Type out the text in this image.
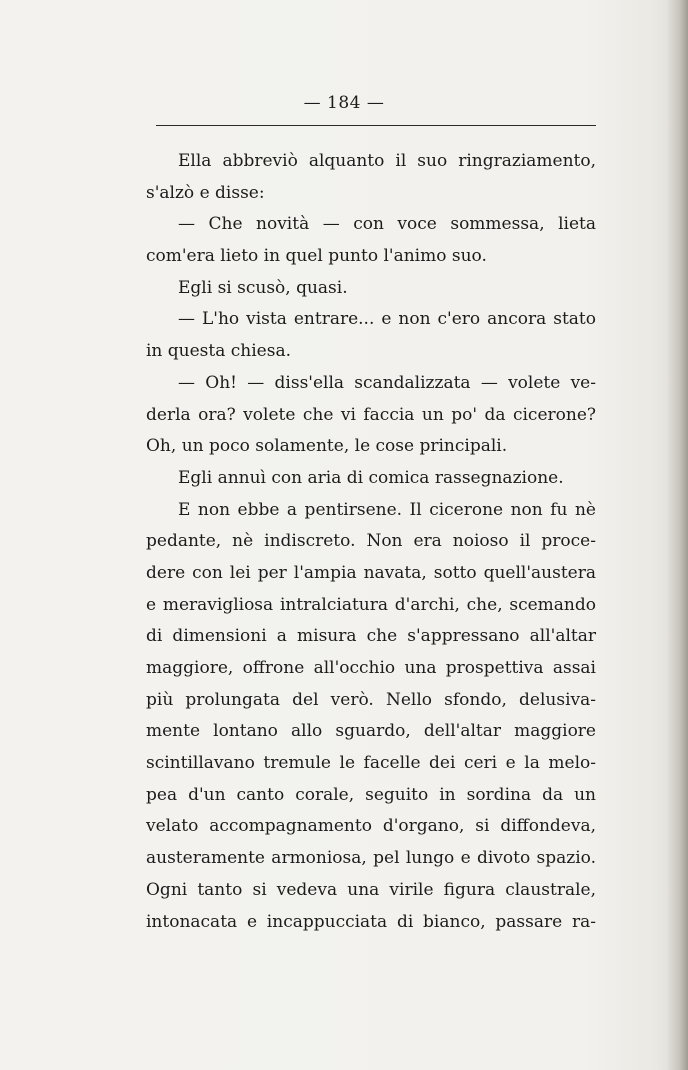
— 184 —
Ella abbreviò alquanto il suo ringraziamento,
s'alzò e disse:
— Che novità — con voce sommessa, lieta
com'era lieto in quel punto l'animo suo.
Egli si scusò, quasi.
— L'ho vista entrare... e non c'ero ancora stato
in questa chiesa.
— Oh! — diss'ella scandalizzata — volete ve-
derla ora? volete che vi faccia un po' da cicerone?
Oh, un poco solamente, le cose principali.
Egli annuì con aria di comica rassegnazione.
E non ebbe a pentirsene. Il cicerone non fu nè
pedante, nè indiscreto. Non era noioso il proce-
dere con lei per l'ampia navata, sotto quell'austera
e meravigliosa intralciatura d'archi, che, scemando
di dimensioni a misura che s'appressano all'altar
maggiore, offrone all'occhio una prospettiva assai
più prolungata del verò. Nello sfondo, delusiva-
mente lontano allo sguardo, dell'altar maggiore
scintillavano tremule le facelle dei ceri e la melo-
pea d'un canto corale, seguito in sordina da un
velato accompagnamento d'organo, si diffondeva,
austeramente armoniosa, pel lungo e divoto spazio.
Ogni tanto si vedeva una virile figura claustrale,
intonacata e incappucciata di bianco, passare ra-
